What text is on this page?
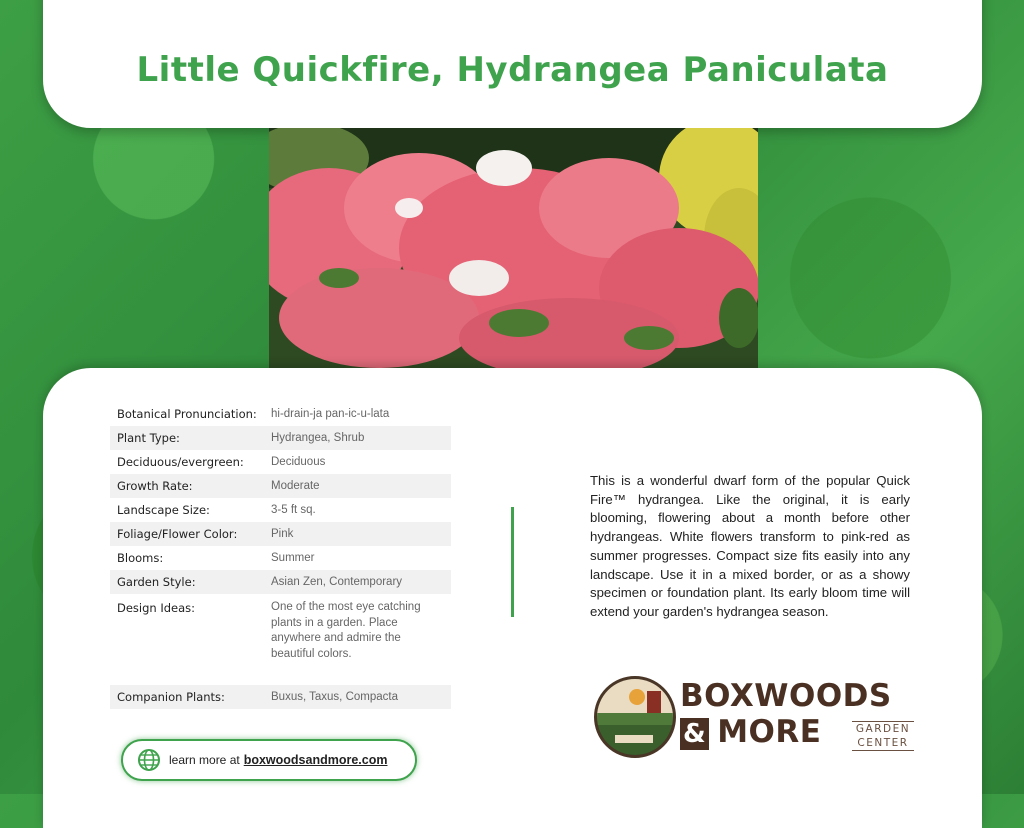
Little Quickfire, Hydrangea Paniculata
Botanical Pronunciation:	hi-drain-ja pan-ic-u-lata
Plant Type:	Hydrangea, Shrub
Deciduous/evergreen:	Deciduous
Growth Rate:	Moderate
Landscape Size:	3-5 ft sq.
Foliage/Flower Color:	Pink
Blooms:	Summer
Garden Style:	Asian Zen, Contemporary
Design Ideas:	One of the most eye catching plants in a garden. Place anywhere and admire the beautiful colors.
Companion Plants:	Buxus, Taxus, Compacta

This is a wonderful dwarf form of the popular Quick Fire™ hydrangea. Like the original, it is early blooming, flowering about a month before other hydrangeas. White flowers transform to pink-red as summer progresses. Compact size fits easily into any landscape. Use it in a mixed border, or as a showy specimen or foundation plant. Its early bloom time will extend your garden's hydrangea season.

BOXWOODS
& MORE	GARDEN
CENTER
learn more at boxwoodsandmore.com
